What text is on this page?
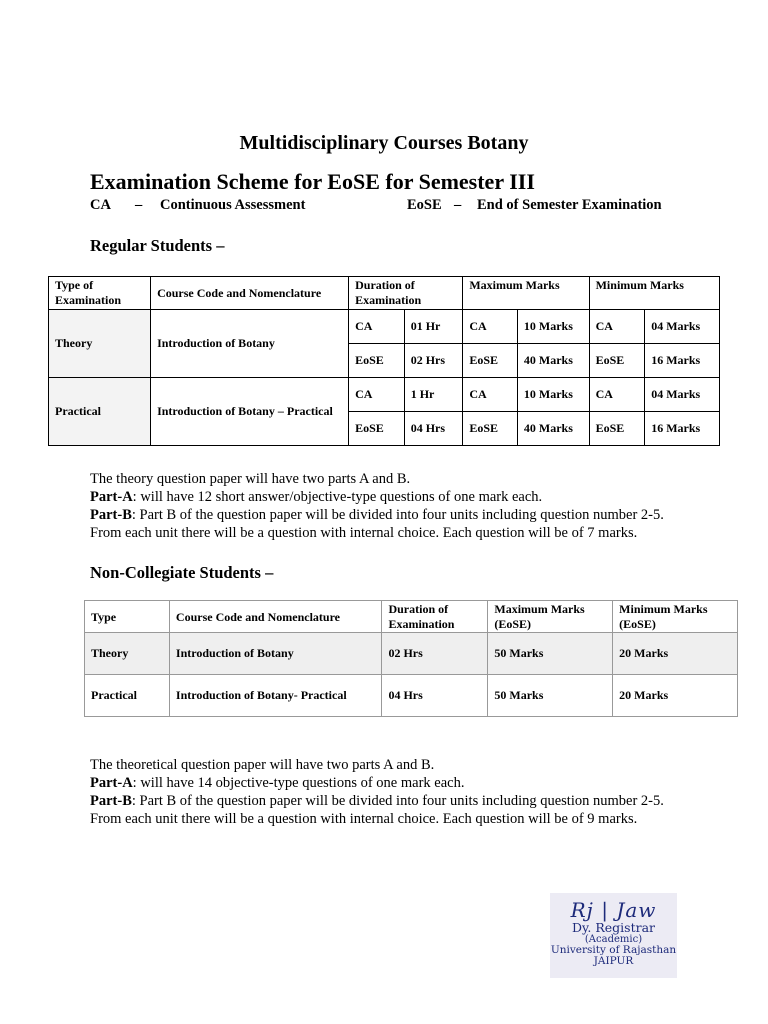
Multidisciplinary Courses Botany
Examination Scheme for EoSE for Semester III
CA – Continuous Assessment	EoSE – End of Semester Examination
Regular Students –
Type of Examination	Course Code and Nomenclature	Duration of Examination		Maximum Marks		Minimum Marks	
Theory	Introduction of Botany	CA	01 Hr	CA	10 Marks	CA	04 Marks
		EoSE	02 Hrs	EoSE	40 Marks	EoSE	16 Marks
Practical	Introduction of Botany – Practical	CA	1 Hr	CA	10 Marks	CA	04 Marks
		EoSE	04 Hrs	EoSE	40 Marks	EoSE	16 Marks

The theory question paper will have two parts A and B.

Part-A: will have 12 short answer/objective-type questions of one mark each.

Part-B: Part B of the question paper will be divided into four units including question number 2-5. From each unit there will be a question with internal choice. Each question will be of 7 marks.

Non-Collegiate Students –
Type	Course Code and Nomenclature	Duration of Examination	Maximum Marks (EoSE)	Minimum Marks (EoSE)
Theory	Introduction of Botany	02 Hrs	50 Marks	20 Marks
Practical	Introduction of Botany- Practical	04 Hrs	50 Marks	20 Marks

The theoretical question paper will have two parts A and B.

Part-A: will have 14 objective-type questions of one mark each.

Part-B: Part B of the question paper will be divided into four units including question number 2-5. From each unit there will be a question with internal choice. Each question will be of 9 marks.

Rj | Jaw
Dy. Registrar
(Academic)
University of Rajasthan
JAIPUR
